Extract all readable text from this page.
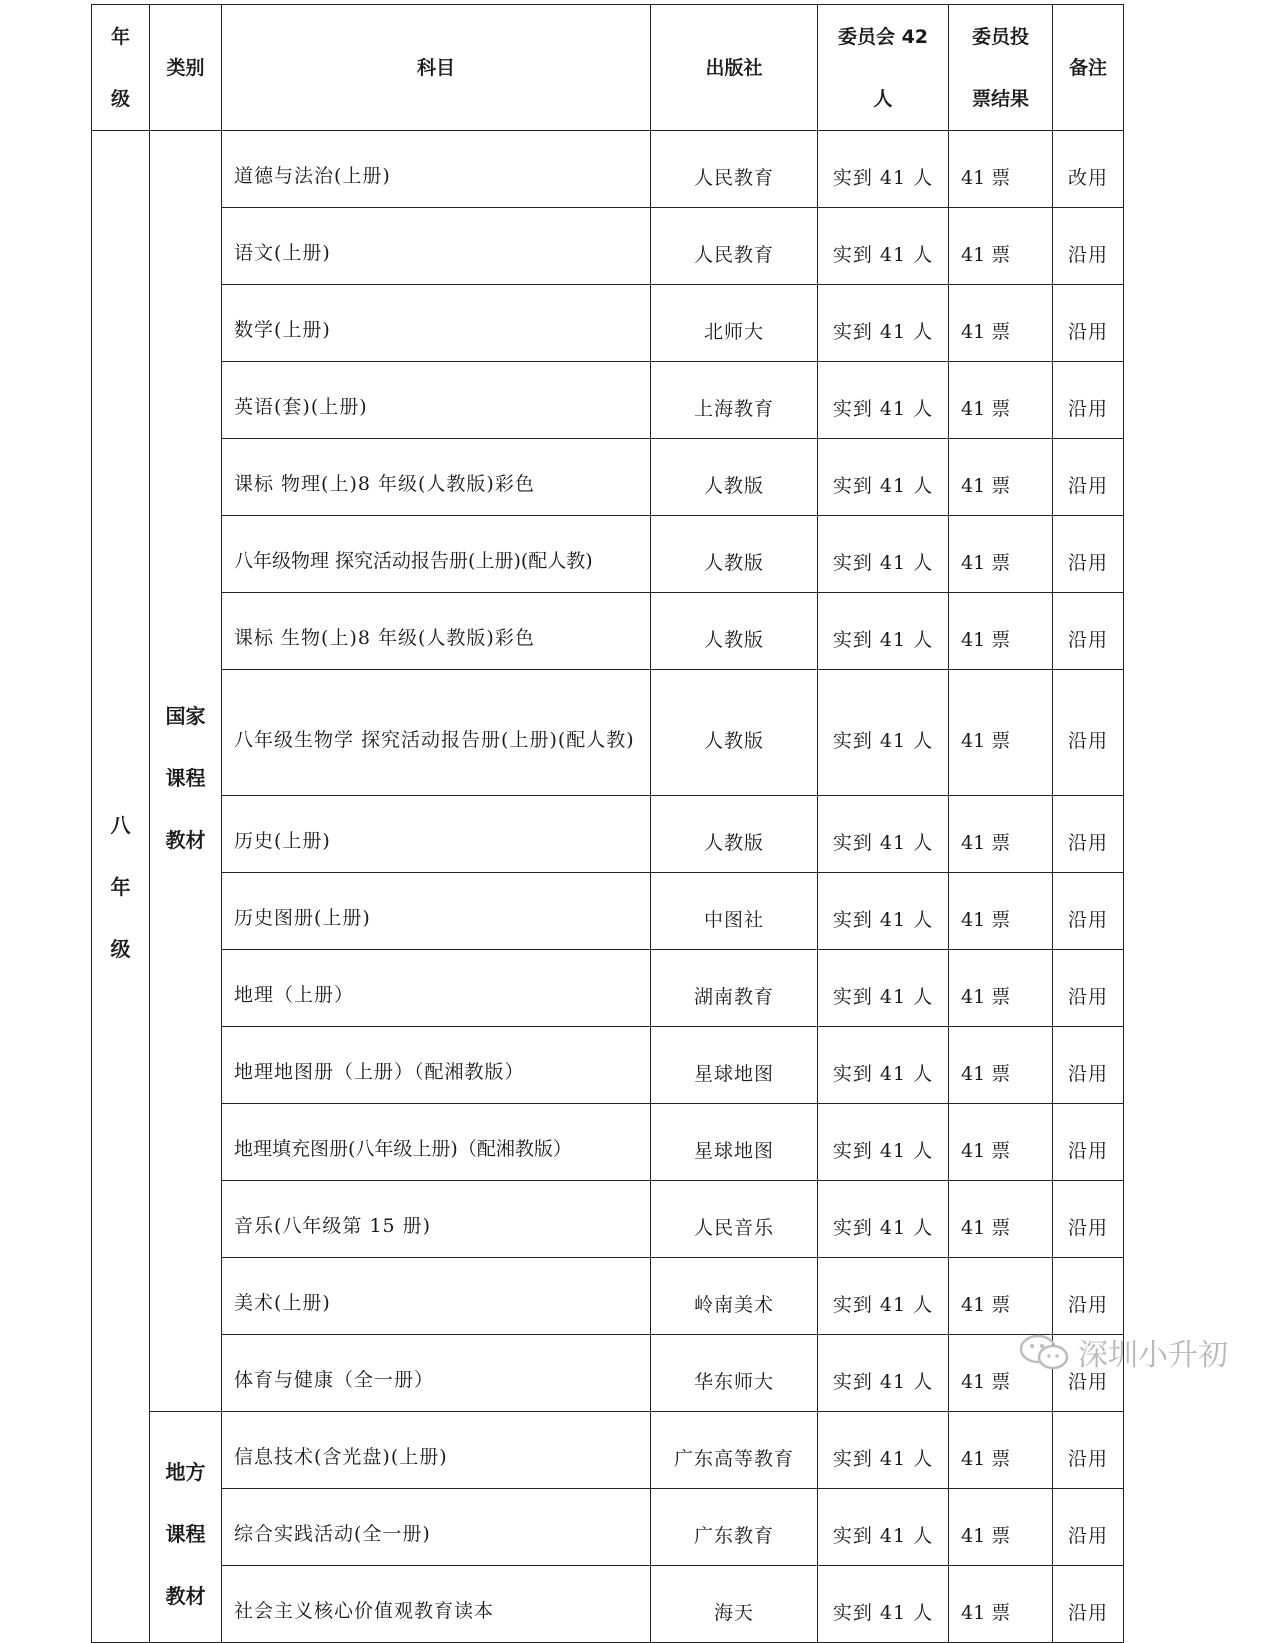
年级	类别	科目	出版社	委员会 42 人	委员投票结果	备注
八年级	国家课程教材	道德与法治(上册)	人民教育	实到 41 人	41 票	改用
		语文(上册)	人民教育	实到 41 人	41 票	沿用
		数学(上册)	北师大	实到 41 人	41 票	沿用
		英语(套)(上册)	上海教育	实到 41 人	41 票	沿用
		课标 物理(上)8 年级(人教版)彩色	人教版	实到 41 人	41 票	沿用
		八年级物理 探究活动报告册(上册)(配人教)	人教版	实到 41 人	41 票	沿用
		课标 生物(上)8 年级(人教版)彩色	人教版	实到 41 人	41 票	沿用
		八年级生物学 探究活动报告册(上册)(配人教)	人教版	实到 41 人	41 票	沿用
		历史(上册)	人教版	实到 41 人	41 票	沿用
		历史图册(上册)	中图社	实到 41 人	41 票	沿用
		地理（上册）	湖南教育	实到 41 人	41 票	沿用
		地理地图册（上册）（配湘教版）	星球地图	实到 41 人	41 票	沿用
		地理填充图册(八年级上册)（配湘教版）	星球地图	实到 41 人	41 票	沿用
		音乐(八年级第 15 册)	人民音乐	实到 41 人	41 票	沿用
		美术(上册)	岭南美术	实到 41 人	41 票	沿用
		体育与健康（全一册）	华东师大	实到 41 人	41 票	沿用
	地方课程教材	信息技术(含光盘)(上册)	广东高等教育	实到 41 人	41 票	沿用
		综合实践活动(全一册)	广东教育	实到 41 人	41 票	沿用
		社会主义核心价值观教育读本	海天	实到 41 人	41 票	沿用
深圳小升初
